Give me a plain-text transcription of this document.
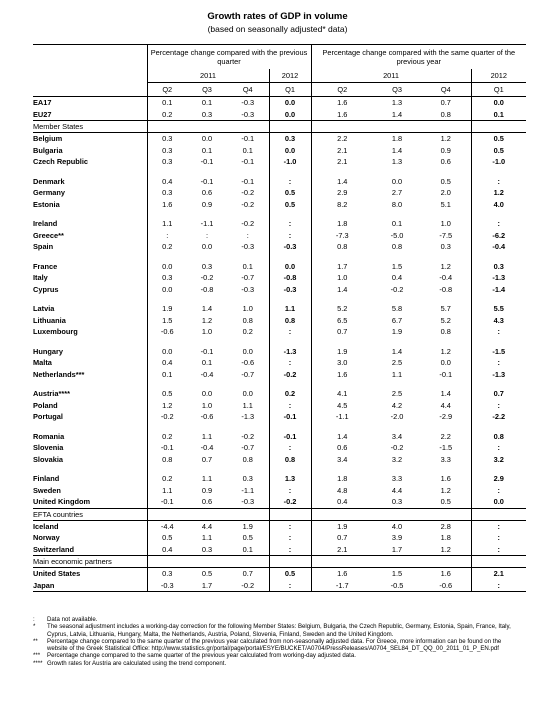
Growth rates of GDP in volume
(based on seasonally adjusted* data)
	Percentage change compared with the previous quarter				Percentage change compared with the same quarter of the previous year			
	2011			2012	2011			2012
	Q2	Q3	Q4	Q1	Q2	Q3	Q4	Q1
EA17	0.1	0.1	-0.3	0.0	1.6	1.3	0.7	0.0
EU27	0.2	0.3	-0.3	0.0	1.6	1.4	0.8	0.1
Member States								
Belgium	0.3	0.0	-0.1	0.3	2.2	1.8	1.2	0.5
Bulgaria	0.3	0.1	0.1	0.0	2.1	1.4	0.9	0.5
Czech Republic	0.3	-0.1	-0.1	-1.0	2.1	1.3	0.6	-1.0

Denmark	0.4	-0.1	-0.1	:	1.4	0.0	0.5	:
Germany	0.3	0.6	-0.2	0.5	2.9	2.7	2.0	1.2
Estonia	1.6	0.9	-0.2	0.5	8.2	8.0	5.1	4.0

Ireland	1.1	-1.1	-0.2	:	1.8	0.1	1.0	:
Greece**	:	:	:	:	-7.3	-5.0	-7.5	-6.2
Spain	0.2	0.0	-0.3	-0.3	0.8	0.8	0.3	-0.4

France	0.0	0.3	0.1	0.0	1.7	1.5	1.2	0.3
Italy	0.3	-0.2	-0.7	-0.8	1.0	0.4	-0.4	-1.3
Cyprus	0.0	-0.8	-0.3	-0.3	1.4	-0.2	-0.8	-1.4

Latvia	1.9	1.4	1.0	1.1	5.2	5.8	5.7	5.5
Lithuania	1.5	1.2	0.8	0.8	6.5	6.7	5.2	4.3
Luxembourg	-0.6	1.0	0.2	:	0.7	1.9	0.8	:

Hungary	0.0	-0.1	0.0	-1.3	1.9	1.4	1.2	-1.5
Malta	0.4	0.1	-0.6	:	3.0	2.5	0.0	:
Netherlands***	0.1	-0.4	-0.7	-0.2	1.6	1.1	-0.1	-1.3

Austria****	0.5	0.0	0.0	0.2	4.1	2.5	1.4	0.7
Poland	1.2	1.0	1.1	:	4.5	4.2	4.4	:
Portugal	-0.2	-0.6	-1.3	-0.1	-1.1	-2.0	-2.9	-2.2

Romania	0.2	1.1	-0.2	-0.1	1.4	3.4	2.2	0.8
Slovenia	-0.1	-0.4	-0.7	:	0.6	-0.2	-1.5	:
Slovakia	0.8	0.7	0.8	0.8	3.4	3.2	3.3	3.2

Finland	0.2	1.1	0.3	1.3	1.8	3.3	1.6	2.9
Sweden	1.1	0.9	-1.1	:	4.8	4.4	1.2	:
United Kingdom	-0.1	0.6	-0.3	-0.2	0.4	0.3	0.5	0.0
EFTA countries								
Iceland	-4.4	4.4	1.9	:	1.9	4.0	2.8	:
Norway	0.5	1.1	0.5	:	0.7	3.9	1.8	:
Switzerland	0.4	0.3	0.1	:	2.1	1.7	1.2	:
Main economic partners								
United States	0.3	0.5	0.7	0.5	1.6	1.5	1.6	2.1
Japan	-0.3	1.7	-0.2	:	-1.7	-0.5	-0.6	:
: Data not available.
* The seasonal adjustment includes a working-day correction for the following Member States: Belgium, Bulgaria, the Czech Republic, Germany, Estonia, Spain, France, Italy, Cyprus, Latvia, Lithuania, Hungary, Malta, the Netherlands, Austria, Poland, Slovenia, Finland, Sweden and the United Kingdom.
** Percentage change compared to the same quarter of the previous year calculated from non-seasonally adjusted data. For Greece, more information can be found on the website of the Greek Statistical Office: http://www.statistics.gr/portal/page/portal/ESYE/BUCKET/A0704/PressReleases/A0704_SEL84_DT_QQ_00_2011_01_P_EN.pdf
*** Percentage change compared to the same quarter of the previous year calculated from working-day adjusted data.
**** Growth rates for Austria are calculated using the trend component.
